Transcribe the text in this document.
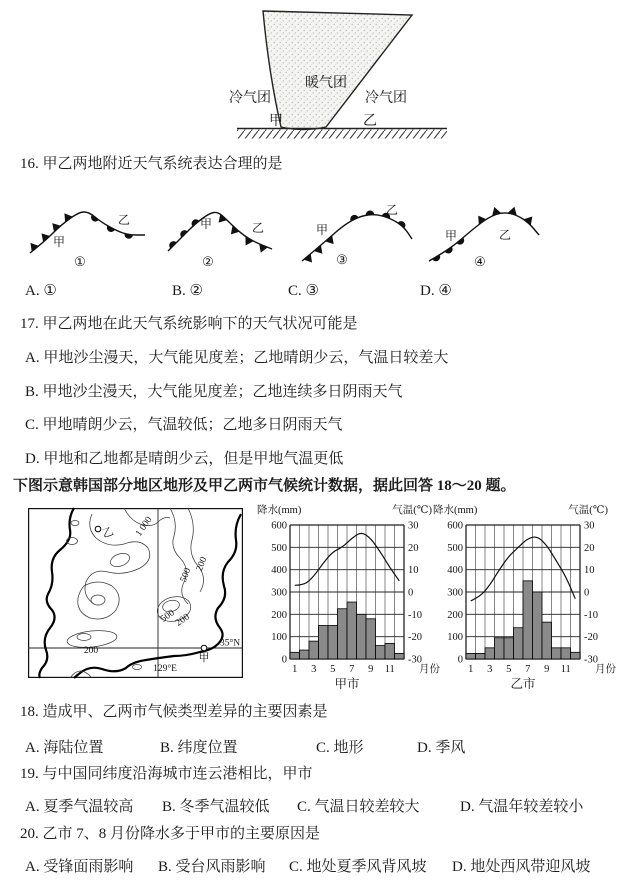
暖气团
冷气团	冷气团
甲	乙
16. 甲乙两地附近天气系统表达合理的是
甲
乙
①
甲	乙
②
甲
乙
③
甲	乙
④
A. ①	B. ②	C. ③	D. ④
17. 甲乙两地在此天气系统影响下的天气状况可能是
A. 甲地沙尘漫天，大气能见度差；乙地晴朗少云，气温日较差大
B. 甲地沙尘漫天，大气能见度差；乙地连续多日阴雨天气
C. 甲地晴朗少云，气温较低；乙地多日阴雨天气
D. 甲地和乙地都是晴朗少云，但是甲地气温更低
下图示意韩国部分地区地形及甲乙两市气候统计数据，据此回答 18～20 题。
1 000
500
200
500
200
200
35°N
129°E
甲
乙
0
100
200
300
400
500
600
-30
-20
-10
0
10
20
30
降水(mm)	气温(℃)
1 3 5 7 9 11 月份
甲市
0
100
200
300
400
500
600
-30
-20
-10
0
10
20
30
降水(mm)	气温(℃)
1 3 5 7 9 11 月份
乙市
18. 造成甲、乙两市气候类型差异的主要因素是
A. 海陆位置	B. 纬度位置	C. 地形	D. 季风
19. 与中国同纬度沿海城市连云港相比，甲市
A. 夏季气温较高 B. 冬季气温较低 C. 气温日较差较大	D. 气温年较差较小
20. 乙市 7、8 月份降水多于甲市的主要原因是
A. 受锋面雨影响 B. 受台风雨影响 C. 地处夏季风背风坡 D. 地处西风带迎风坡
